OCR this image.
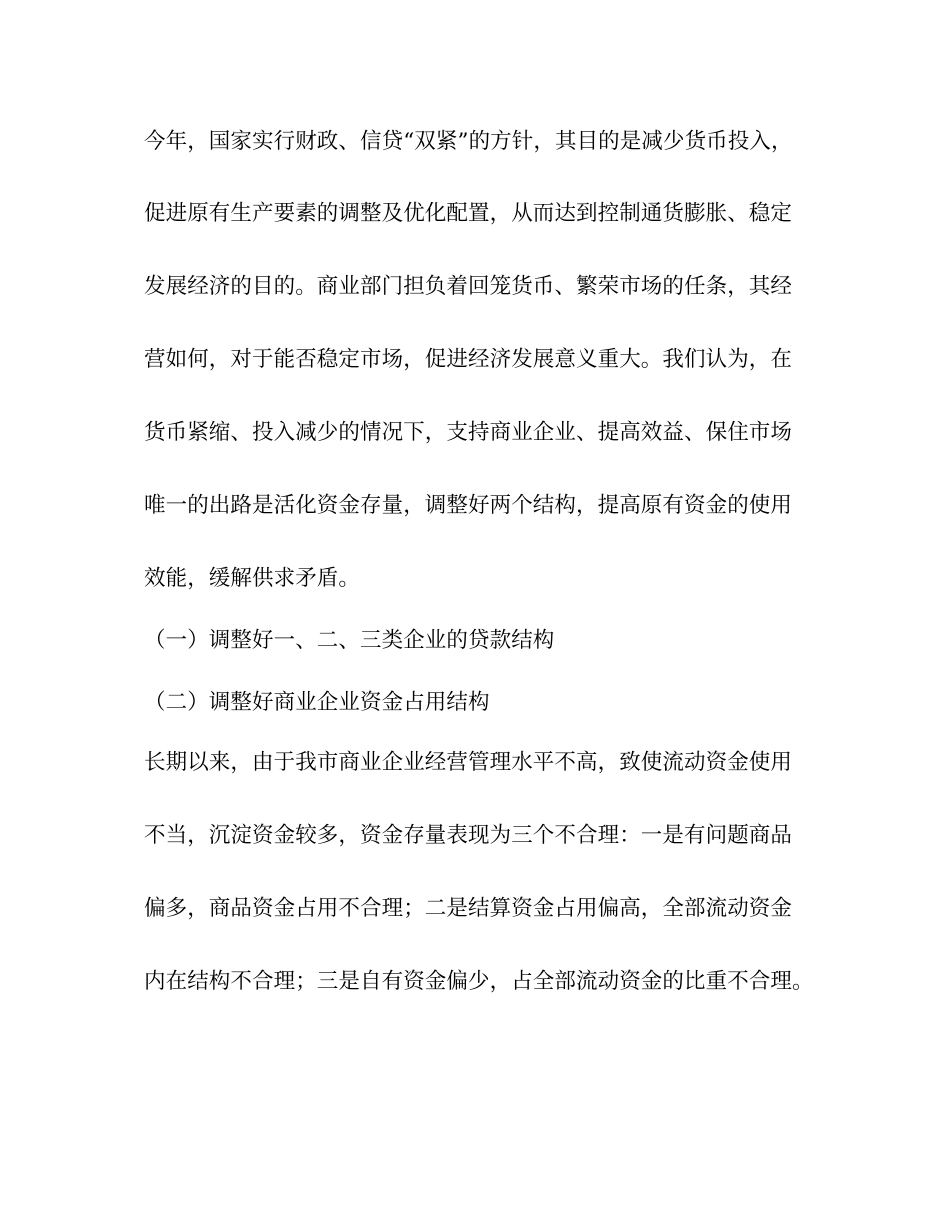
今年，国家实行财政、信贷“双紧”的方针，其目的是减少货币投入，
促进原有生产要素的调整及优化配置，从而达到控制通货膨胀、稳定
发展经济的目的。商业部门担负着回笼货币、繁荣市场的任条，其经
营如何，对于能否稳定市场，促进经济发展意义重大。我们认为，在
货币紧缩、投入减少的情况下，支持商业企业、提高效益、保住市场
唯一的出路是活化资金存量，调整好两个结构，提高原有资金的使用
效能，缓解供求矛盾。
（一）调整好一、二、三类企业的贷款结构
（二）调整好商业企业资金占用结构
长期以来，由于我市商业企业经营管理水平不高，致使流动资金使用
不当，沉淀资金较多，资金存量表现为三个不合理：一是有问题商品
偏多，商品资金占用不合理；二是结算资金占用偏高，全部流动资金
内在结构不合理；三是自有资金偏少，占全部流动资金的比重不合理。
